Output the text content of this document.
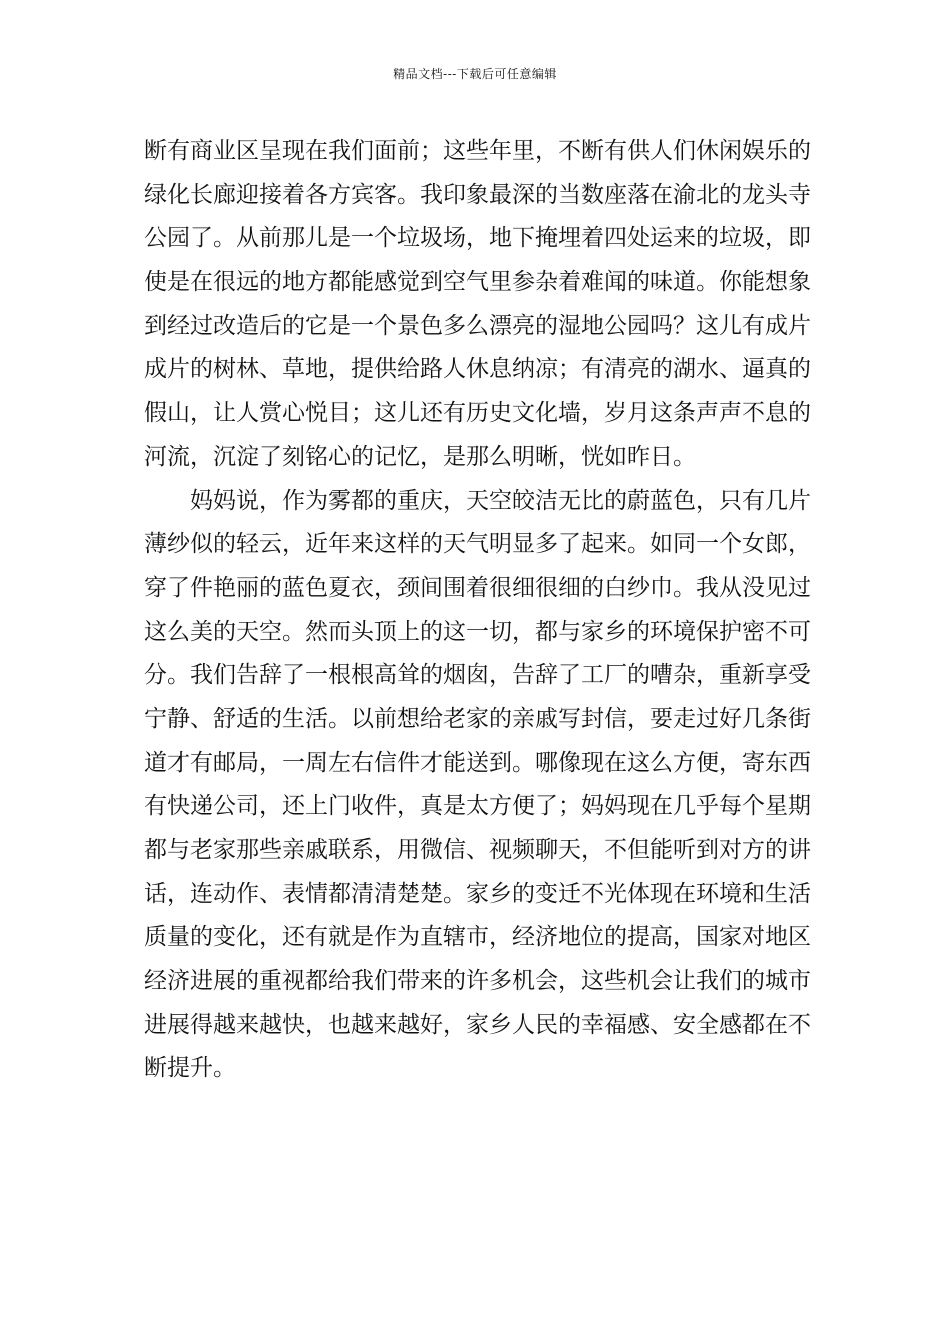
精品文档---下载后可任意编辑
断有商业区呈现在我们面前；这些年里，不断有供人们休闲娱乐的
绿化长廊迎接着各方宾客。我印象最深的当数座落在渝北的龙头寺
公园了。从前那儿是一个垃圾场，地下掩埋着四处运来的垃圾，即
使是在很远的地方都能感觉到空气里参杂着难闻的味道。你能想象
到经过改造后的它是一个景色多么漂亮的湿地公园吗？这儿有成片
成片的树林、草地，提供给路人休息纳凉；有清亮的湖水、逼真的
假山，让人赏心悦目；这儿还有历史文化墙，岁月这条声声不息的
河流，沉淀了刻铭心的记忆，是那么明晰，恍如昨日。
妈妈说，作为雾都的重庆，天空皎洁无比的蔚蓝色，只有几片
薄纱似的轻云，近年来这样的天气明显多了起来。如同一个女郎，
穿了件艳丽的蓝色夏衣，颈间围着很细很细的白纱巾。我从没见过
这么美的天空。然而头顶上的这一切，都与家乡的环境保护密不可
分。我们告辞了一根根高耸的烟囱，告辞了工厂的嘈杂，重新享受
宁静、舒适的生活。以前想给老家的亲戚写封信，要走过好几条街
道才有邮局，一周左右信件才能送到。哪像现在这么方便，寄东西
有快递公司，还上门收件，真是太方便了；妈妈现在几乎每个星期
都与老家那些亲戚联系，用微信、视频聊天，不但能听到对方的讲
话，连动作、表情都清清楚楚。家乡的变迁不光体现在环境和生活
质量的变化，还有就是作为直辖市，经济地位的提高，国家对地区
经济进展的重视都给我们带来的许多机会，这些机会让我们的城市
进展得越来越快，也越来越好，家乡人民的幸福感、安全感都在不
断提升。
